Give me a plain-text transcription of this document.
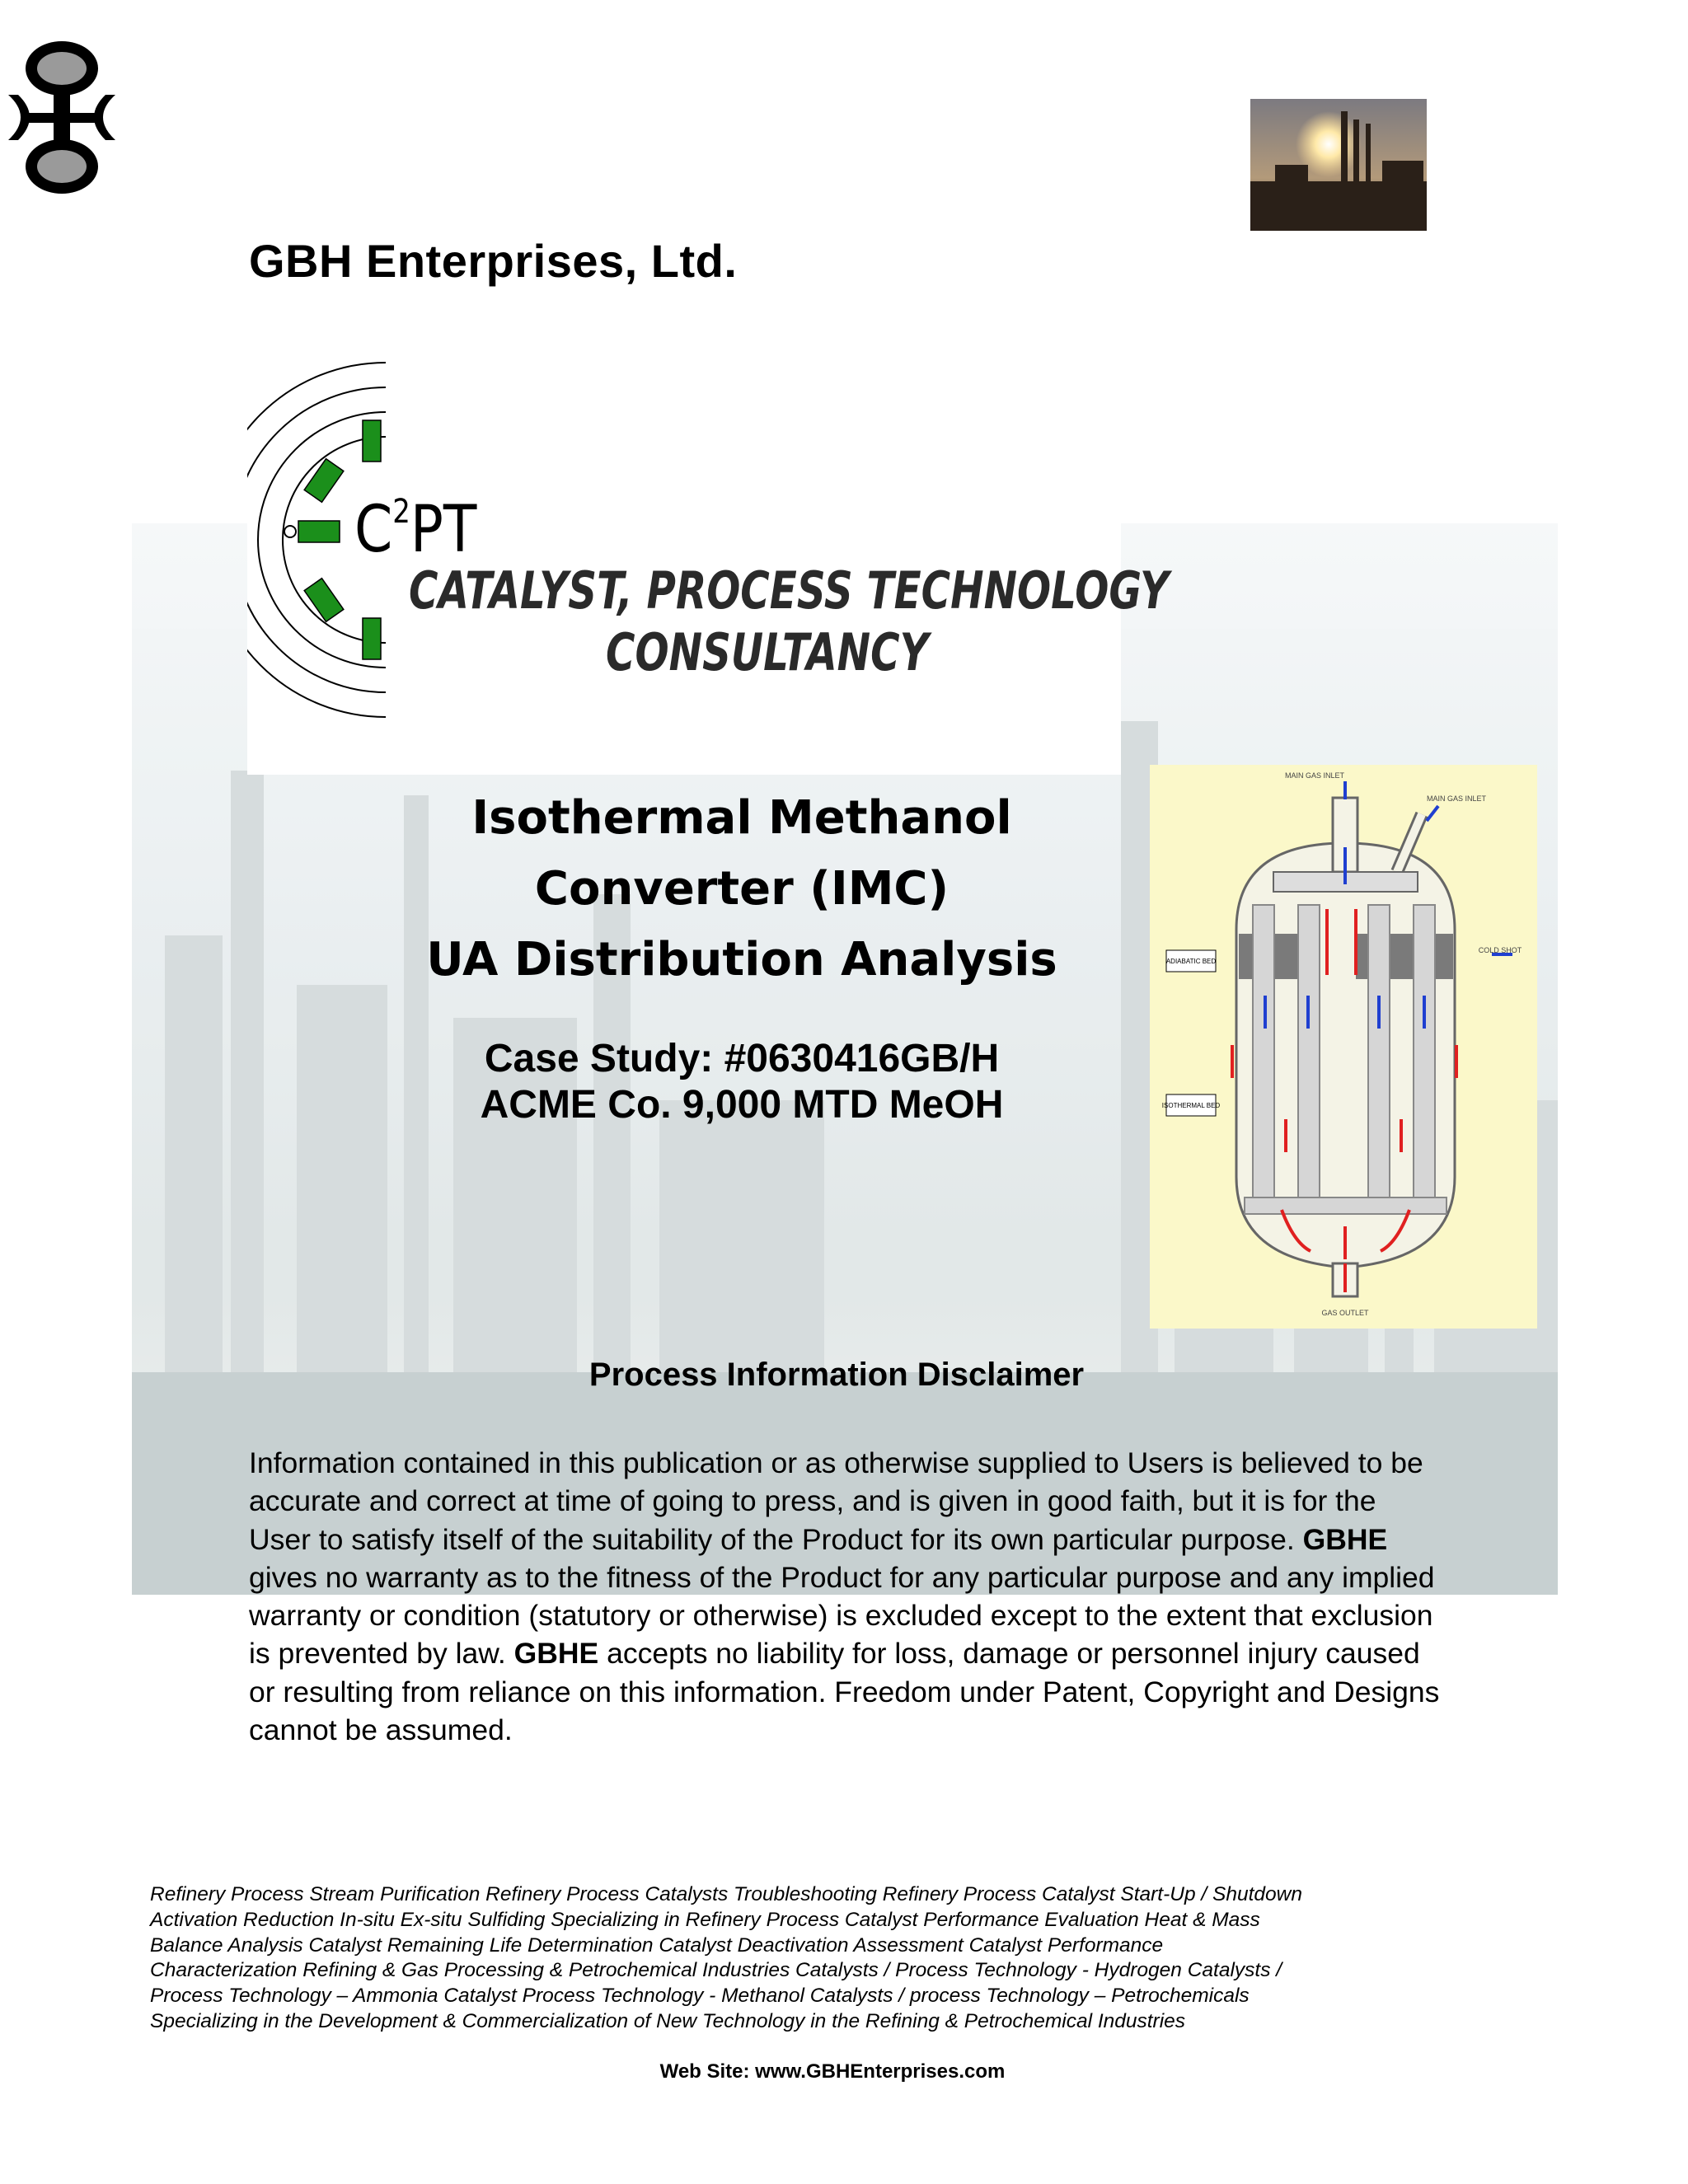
GBH Enterprises, Ltd.
$C^2PT$
CATALYST, PROCESS TECHNOLOGY
CONSULTANCY
Isothermal Methanol
Converter (IMC)
UA Distribution Analysis
Case Study: #0630416GB/H
ACME Co. 9,000 MTD MeOH
MAIN GAS INLET
MAIN GAS INLET
COLD SHOT
ADIABATIC BED
ISOTHERMAL BED
GAS OUTLET
Process Information Disclaimer
Information contained in this publication or as otherwise supplied to Users is believed to be accurate and correct at time of going to press, and is given in good faith, but it is for the User to satisfy itself of the suitability of the Product for its own particular purpose. GBHE gives no warranty as to the fitness of the Product for any particular purpose and any implied warranty or condition (statutory or otherwise) is excluded except to the extent that exclusion is prevented by law. GBHE accepts no liability for loss, damage or personnel injury caused or resulting from reliance on this information. Freedom under Patent, Copyright and Designs cannot be assumed.
Refinery Process Stream Purification Refinery Process Catalysts Troubleshooting Refinery Process Catalyst Start-Up / Shutdown
Activation Reduction In-situ Ex-situ Sulfiding Specializing in Refinery Process Catalyst Performance Evaluation Heat & Mass
Balance Analysis Catalyst Remaining Life Determination Catalyst Deactivation Assessment Catalyst Performance
Characterization Refining & Gas Processing & Petrochemical Industries Catalysts / Process Technology - Hydrogen Catalysts /
Process Technology – Ammonia Catalyst Process Technology - Methanol Catalysts / process Technology – Petrochemicals
Specializing in the Development & Commercialization of New Technology in the Refining & Petrochemical Industries
Web Site: www.GBHEnterprises.com
